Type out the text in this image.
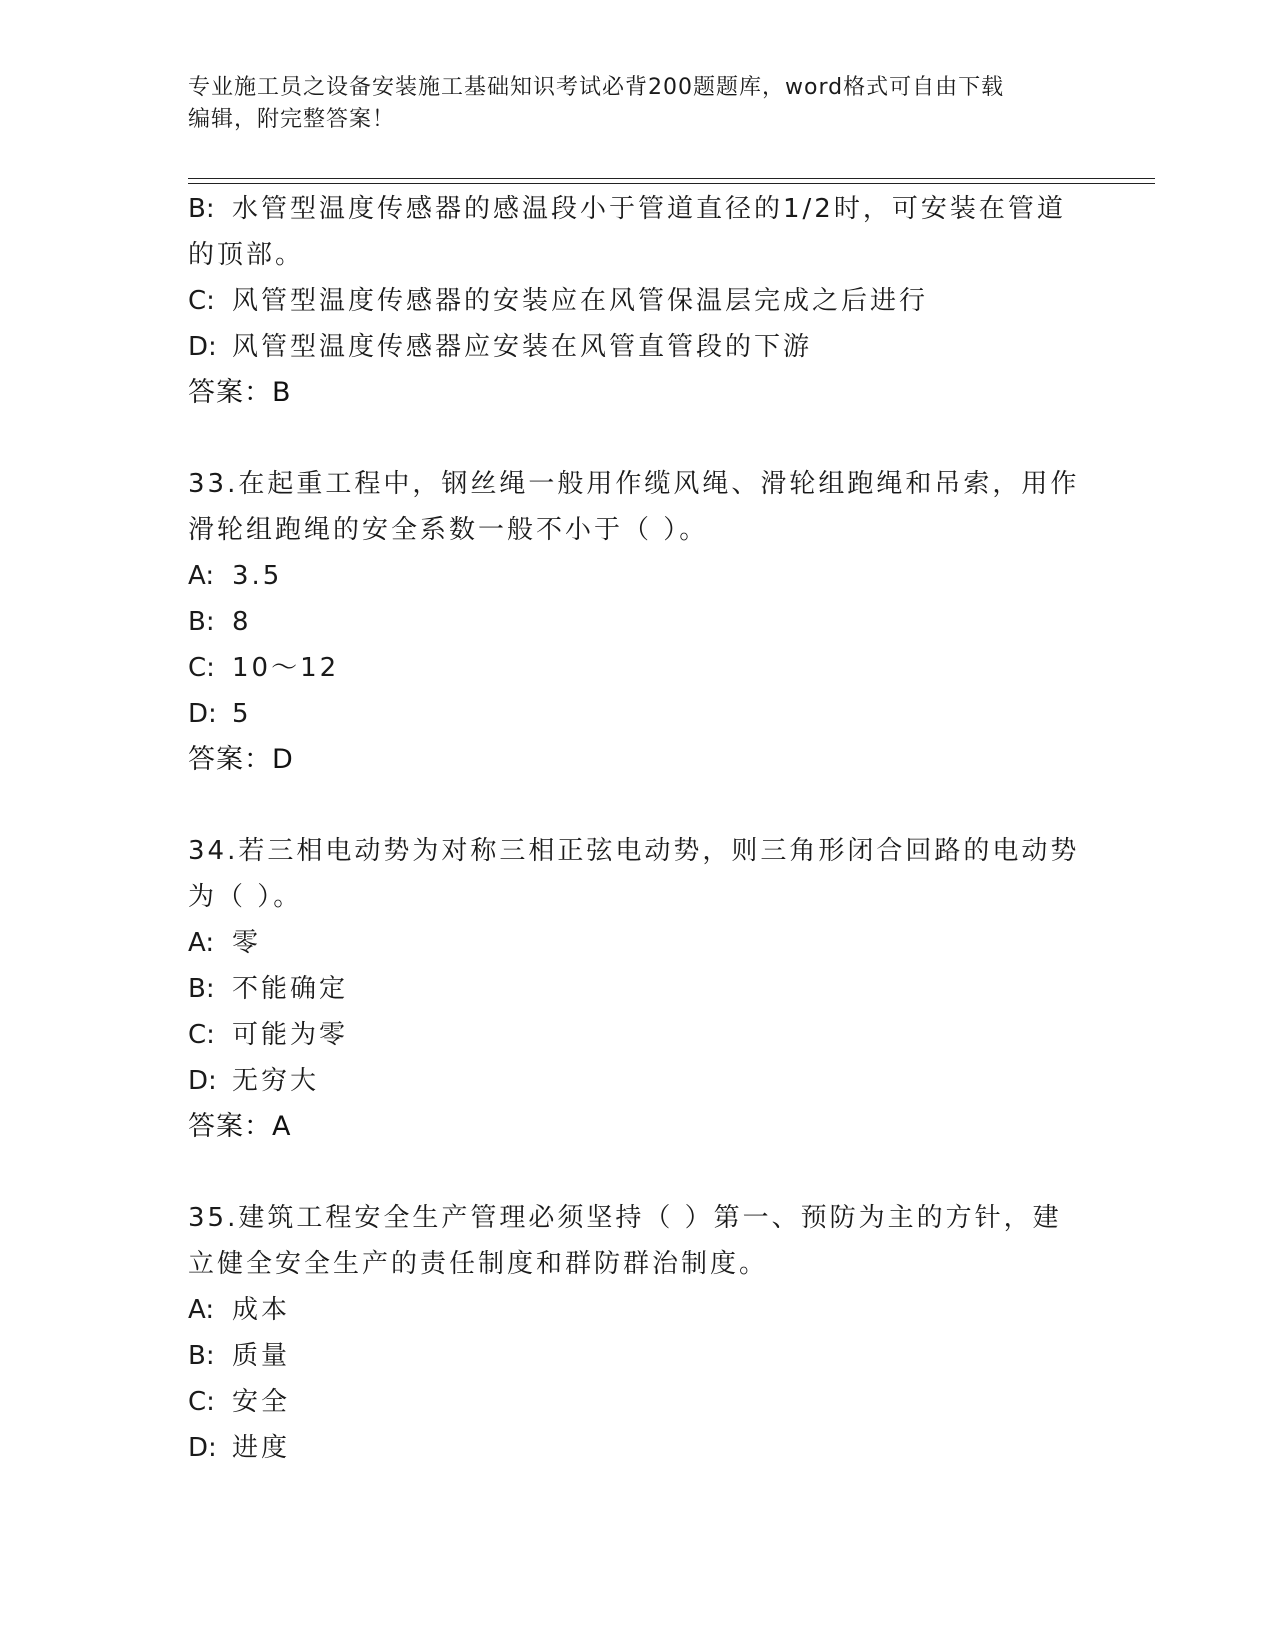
专业施工员之设备安装施工基础知识考试必背200题题库，word格式可自由下载
编辑，附完整答案！
B: 水管型温度传感器的感温段小于管道直径的1/2时，可安装在管道
的顶部。
C: 风管型温度传感器的安装应在风管保温层完成之后进行
D: 风管型温度传感器应安装在风管直管段的下游
答案：B
33.在起重工程中，钢丝绳一般用作缆风绳、滑轮组跑绳和吊索，用作
滑轮组跑绳的安全系数一般不小于（ ）。
A: 3.5
B: 8
C: 10～12
D: 5
答案：D
34.若三相电动势为对称三相正弦电动势，则三角形闭合回路的电动势
为（ ）。
A: 零
B: 不能确定
C: 可能为零
D: 无穷大
答案：A
35.建筑工程安全生产管理必须坚持（ ）第一、预防为主的方针，建
立健全安全生产的责任制度和群防群治制度。
A: 成本
B: 质量
C: 安全
D: 进度
